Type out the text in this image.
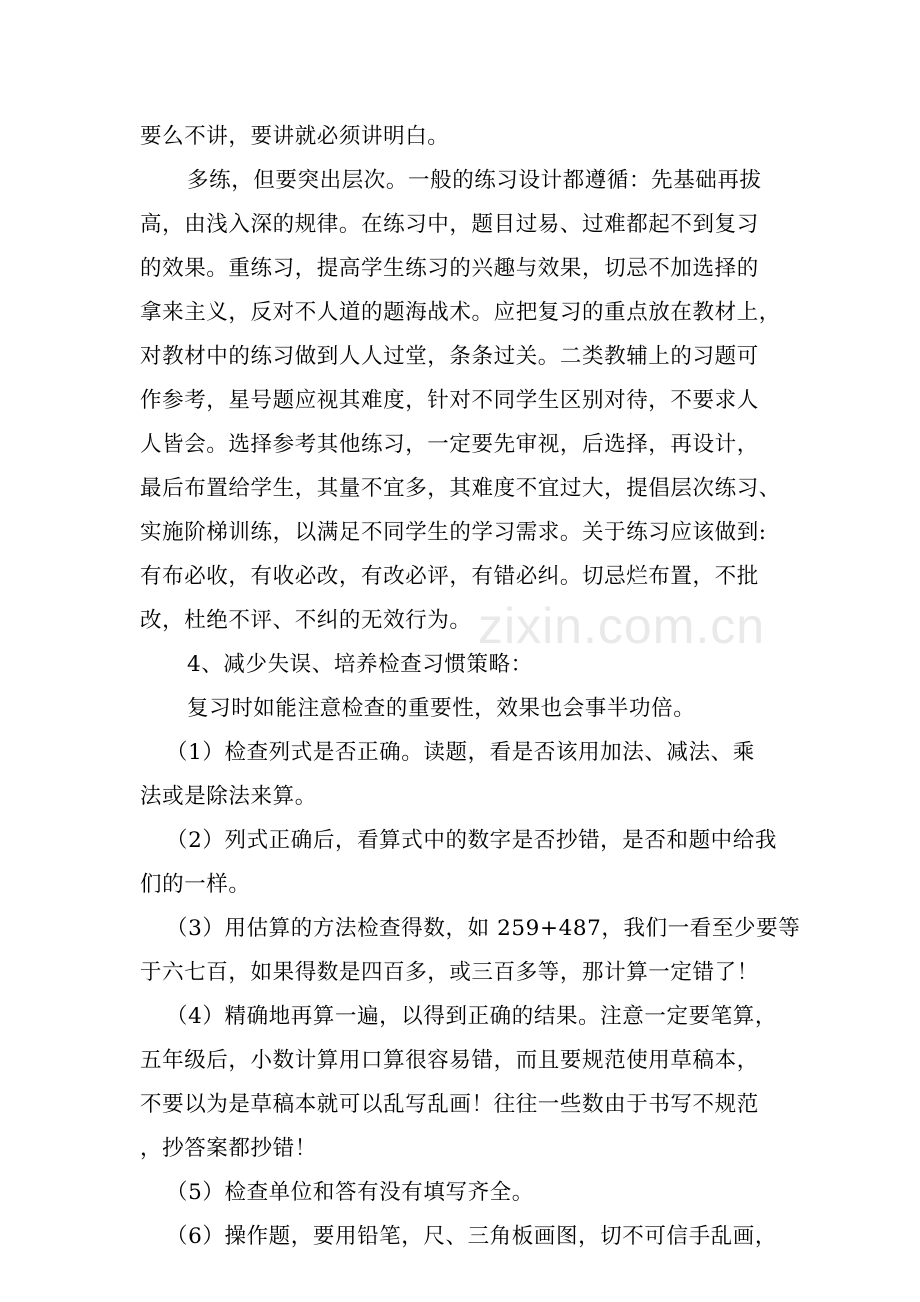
zixin.com.cn
要么不讲，要讲就必须讲明白。
多练，但要突出层次。一般的练习设计都遵循：先基础再拔
高，由浅入深的规律。在练习中，题目过易、过难都起不到复习
的效果。重练习，提高学生练习的兴趣与效果，切忌不加选择的
拿来主义，反对不人道的题海战术。应把复习的重点放在教材上，
对教材中的练习做到人人过堂，条条过关。二类教辅上的习题可
作参考，星号题应视其难度，针对不同学生区别对待，不要求人
人皆会。选择参考其他练习，一定要先审视，后选择，再设计，
最后布置给学生，其量不宜多，其难度不宜过大，提倡层次练习、
实施阶梯训练，以满足不同学生的学习需求。关于练习应该做到:
有布必收，有收必改，有改必评，有错必纠。切忌烂布置，不批
改，杜绝不评、不纠的无效行为。
4、减少失误、培养检查习惯策略：
复习时如能注意检查的重要性，效果也会事半功倍。
（1）检查列式是否正确。读题，看是否该用加法、减法、乘
法或是除法来算。
（2）列式正确后，看算式中的数字是否抄错，是否和题中给我
们的一样。
（3）用估算的方法检查得数，如 259+487，我们一看至少要等
于六七百，如果得数是四百多，或三百多等，那计算一定错了！
（4）精确地再算一遍，以得到正确的结果。注意一定要笔算，
五年级后，小数计算用口算很容易错，而且要规范使用草稿本，
不要以为是草稿本就可以乱写乱画！往往一些数由于书写不规范
，抄答案都抄错！
（5）检查单位和答有没有填写齐全。
（6）操作题，要用铅笔，尺、三角板画图，切不可信手乱画，
